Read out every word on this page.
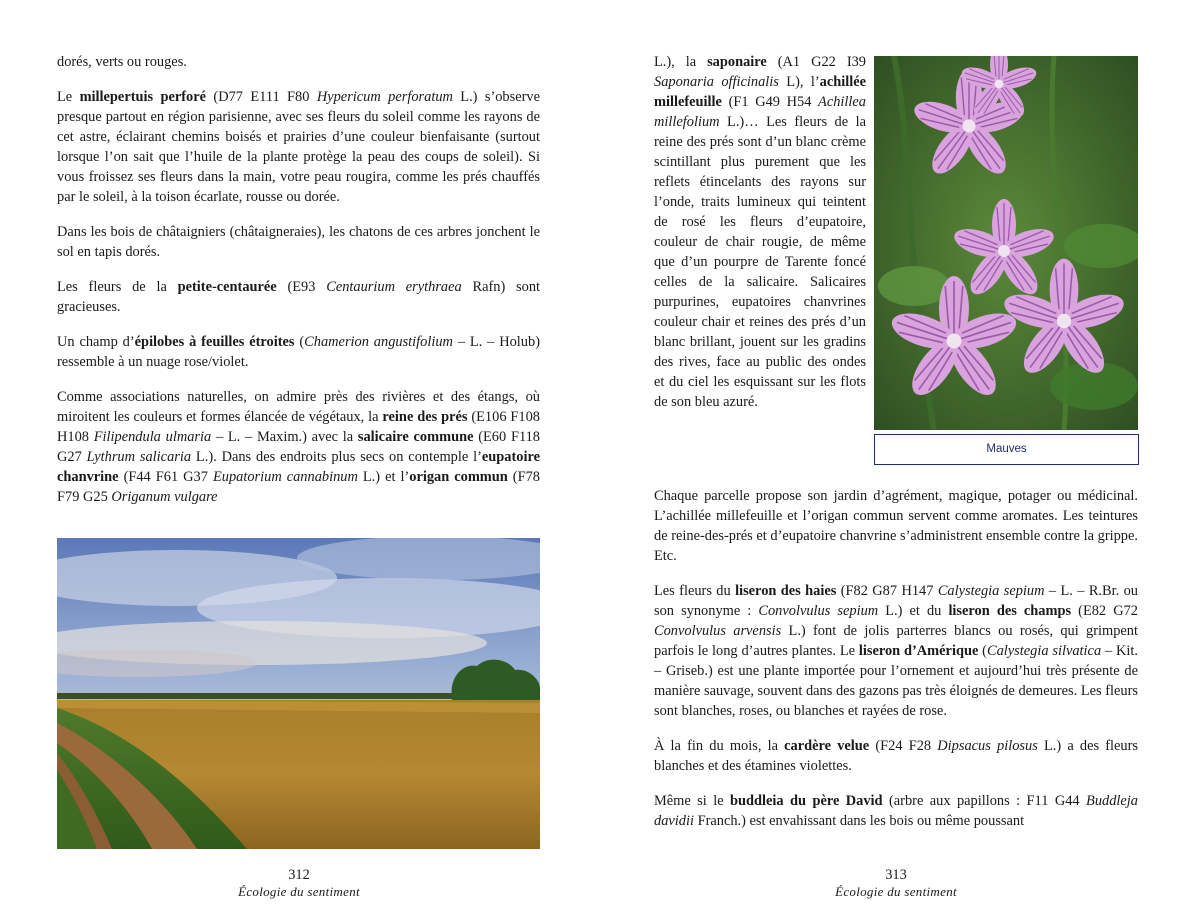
dorés, verts ou rouges.

Le millepertuis perforé (D77 E111 F80 Hypericum perforatum L.) s’observe presque partout en région parisienne, avec ses fleurs du soleil comme les rayons de cet astre, éclairant chemins boisés et prairies d’une couleur bienfaisante (surtout lorsque l’on sait que l’huile de la plante protège la peau des coups de soleil). Si vous froissez ses fleurs dans la main, votre peau rougira, comme les prés chauffés par le soleil, à la toison écarlate, rousse ou dorée.

Dans les bois de châtaigniers (châtaigneraies), les chatons de ces arbres jonchent le sol en tapis dorés.

Les fleurs de la petite-centaurée (E93 Centaurium erythraea Rafn) sont gracieuses.

Un champ d’épilobes à feuilles étroites (Chamerion angustifolium – L. – Holub) ressemble à un nuage rose/violet.

Comme associations naturelles, on admire près des rivières et des étangs, où miroitent les couleurs et formes élancée de végétaux, la reine des prés (E106 F108 H108 Filipendula ulmaria – L. – Maxim.) avec la salicaire commune (E60 F118 G27 Lythrum salicaria L.). Dans des endroits plus secs on contemple l’eupatoire chanvrine (F44 F61 G37 Eupatorium cannabinum L.) et l’origan commun (F78 F79 G25 Origanum vulgare

312
Écologie du sentiment

L.), la saponaire (A1 G22 I39 Saponaria officinalis L), l’achillée millefeuille (F1 G49 H54 Achillea millefolium L.)… Les fleurs de la reine des prés sont d’un blanc crème scintillant plus purement que les reflets étincelants des rayons sur l’onde, traits lumineux qui teintent de rosé les fleurs d’eupatoire, couleur de chair rougie, de même que d’un pourpre de Tarente foncé celles de la salicaire. Salicaires purpurines, eupatoires chanvrines couleur chair et reines des prés d’un blanc brillant, jouent sur les gradins des rives, face au public des ondes et du ciel les esquissant sur les flots de son bleu azuré.

Mauves

Chaque parcelle propose son jardin d’agrément, magique, potager ou médicinal. L’achillée millefeuille et l’origan commun servent comme aromates. Les teintures de reine-des-prés et d’eupatoire chanvrine s’administrent ensemble contre la grippe. Etc.

Les fleurs du liseron des haies (F82 G87 H147 Calystegia sepium – L. – R.Br. ou son synonyme : Convolvulus sepium L.) et du liseron des champs (E82 G72 Convolvulus arvensis L.) font de jolis parterres blancs ou rosés, qui grimpent parfois le long d’autres plantes. Le liseron d’Amérique (Calystegia silvatica – Kit. – Griseb.) est une plante importée pour l’ornement et aujourd’hui très présente de manière sauvage, souvent dans des gazons pas très éloignés de demeures. Les fleurs sont blanches, roses, ou blanches et rayées de rose.

À la fin du mois, la cardère velue (F24 F28 Dipsacus pilosus L.) a des fleurs blanches et des étamines violettes.

Même si le buddleia du père David (arbre aux papillons : F11 G44 Buddleja davidii Franch.) est envahissant dans les bois ou même poussant

313
Écologie du sentiment
